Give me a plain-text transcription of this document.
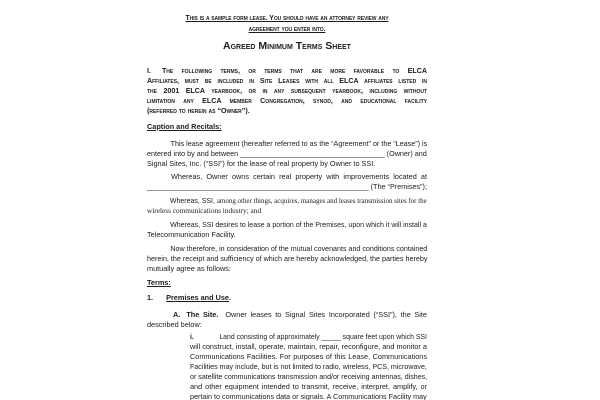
This is a sample form lease. You should have an attorney review any
agreement you enter into.
Agreed Minimum Terms Sheet
I. The following terms, or terms that are more favorable to ELCA
Affiliates, must be included in Site Leases with all ELCA affiliates listed in
the 2001 ELCA yearbook, or in any subsequent yearbook, including without
limitation any ELCA member Congregation, synod, and educational facility
(referred to herein as “Owner”).
Caption and Recitals:
This lease agreement (hereafter referred to as the “Agreement” or the “Lease”) is
entered into by and between ____________________________________ (Owner) and
Signal Sites, Inc. (“SSI”) for the lease of real property by Owner to SSI.
Whereas, Owner owns certain real property with improvements located at
_______________________________________________________ (The “Premises”);
Whereas, SSI, among other things, acquires, manages and leases transmission sites for the
wireless communications industry; and
Whereas, SSI desires to lease a portion of the Premises, upon which it will install a
Telecommunication Facility.
Now therefore, in consideration of the mutual covenants and conditions contained
herein, the receipt and sufficiency of which are hereby acknowledged, the parties hereby
mutually agree as follows:
Terms:
1. Premises and Use.
A. The Site. Owner leases to Signal Sites Incorporated (“SSI”), the Site
described below:
i.	Land consisting of approximately _____ square feet upon which SSI
will construct, install, operate, maintain, repair, reconfigure, and monitor a
Communications Facilities. For purposes of this Lease, Communications
Facilities may include, but is not limited to radio, wireless, PCS, microwave,
or satellite communications transmission and/or receiving antennas, dishes,
and other equipment intended to transmit, receive, interpret, amplify, or
pertain to communications data or signals. A Communications Facility may
